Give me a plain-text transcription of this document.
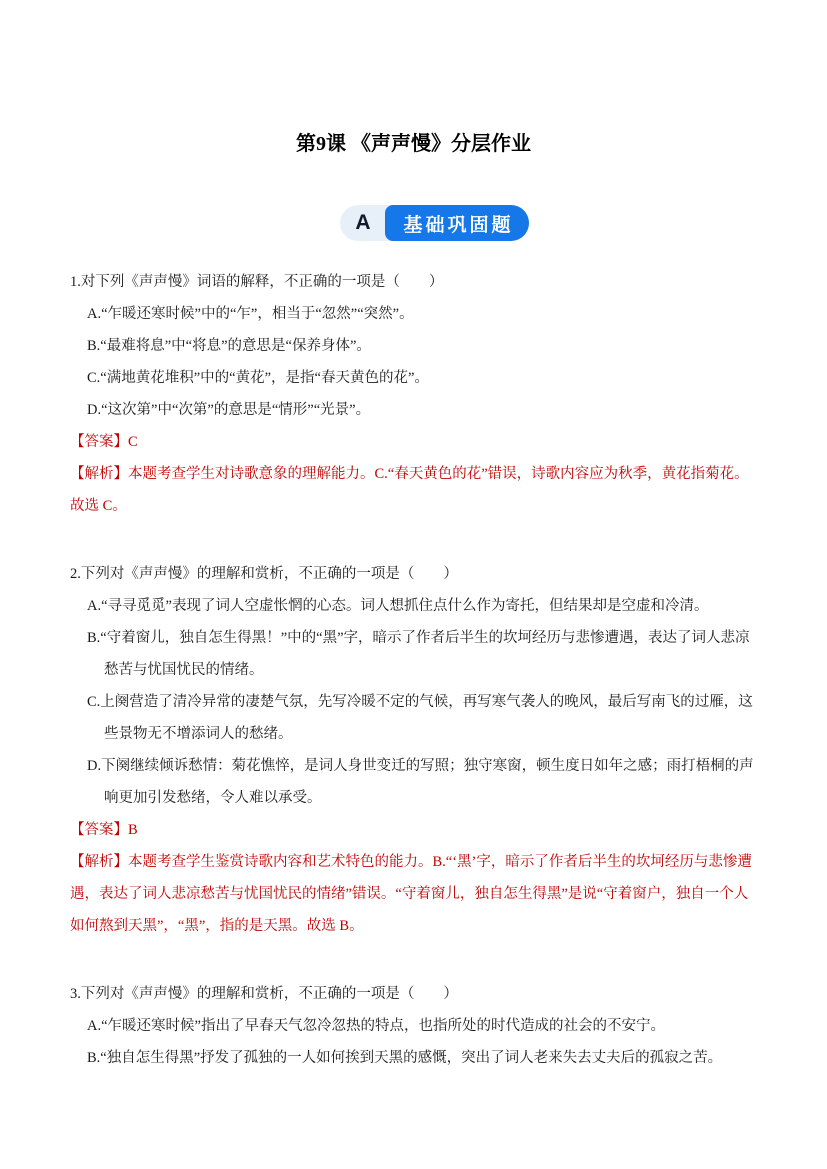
第9课 《声声慢》分层作业
A	基础巩固题

1.对下列《声声慢》词语的解释，不正确的一项是（　　）

A.“乍暖还寒时候”中的“乍”，相当于“忽然”“突然”。

B.“最难将息”中“将息”的意思是“保养身体”。

C.“满地黄花堆积”中的“黄花”，是指“春天黄色的花”。

D.“这次第”中“次第”的意思是“情形”“光景”。

【答案】C

【解析】本题考查学生对诗歌意象的理解能力。C.“春天黄色的花”错误，诗歌内容应为秋季，黄花指菊花。故选 C。

2.下列对《声声慢》的理解和赏析，不正确的一项是（　　）

A.“寻寻觅觅”表现了词人空虚怅惘的心态。词人想抓住点什么作为寄托，但结果却是空虚和冷清。

B.“守着窗儿，独自怎生得黑！”中的“黑”字，暗示了作者后半生的坎坷经历与悲惨遭遇，表达了词人悲凉愁苦与忧国忧民的情绪。

C.上阕营造了清冷异常的凄楚气氛，先写冷暖不定的气候，再写寒气袭人的晚风，最后写南飞的过雁，这些景物无不增添词人的愁绪。

D.下阕继续倾诉愁情：菊花憔悴，是词人身世变迁的写照；独守寒窗，顿生度日如年之感；雨打梧桐的声响更加引发愁绪，令人难以承受。

【答案】B

【解析】本题考查学生鉴赏诗歌内容和艺术特色的能力。B.“‘黑’字，暗示了作者后半生的坎坷经历与悲惨遭遇，表达了词人悲凉愁苦与忧国忧民的情绪”错误。“守着窗儿，独自怎生得黑”是说“守着窗户，独自一个人如何熬到天黑”，“黑”，指的是天黑。故选 B。

3.下列对《声声慢》的理解和赏析，不正确的一项是（　　）

A.“乍暖还寒时候”指出了早春天气忽冷忽热的特点，也指所处的时代造成的社会的不安宁。

B.“独自怎生得黑”抒发了孤独的一人如何挨到天黑的感慨，突出了词人老来失去丈夫后的孤寂之苦。
